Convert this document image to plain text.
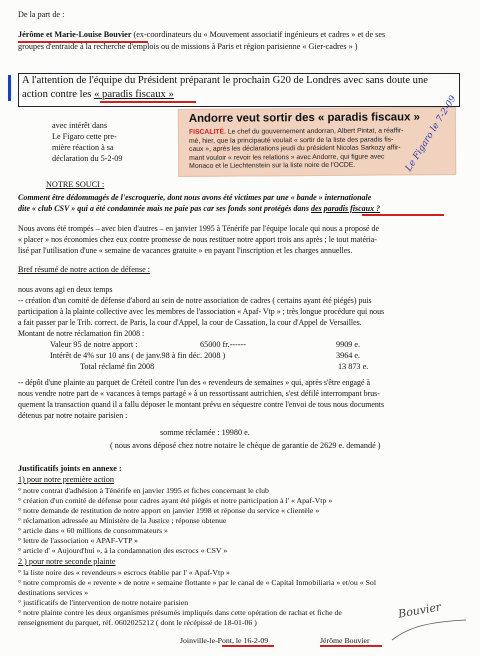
De la part de :
Jérôme et Marie-Louise Bouvier (ex-coordinateurs du « Mouvement associatif ingénieurs et cadres » et de ses
groupes d'entraide à la recherche d'emplois ou de missions à Paris et région parisienne « Gier-cadres » )
A l'attention de l'équipe du Président préparant le prochain G20 de Londres avec sans doute une
action contre les « paradis fiscaux »
avec intérêt dans
Le Figaro cette pre-
mière réaction à sa
déclaration du 5-2-09
Andorre veut sortir des « paradis fiscaux »
FISCALITÉ. Le chef du gouvernement andorran, Albert Pintat, a réaffir-
mé, hier, que la principauté voulait « sortir de la liste des paradis fis-
caux », après les déclarations jeudi du président Nicolas Sarkozy affir-
mant vouloir « revoir les relations » avec Andorre, qui figure avec
Monaco et le Liechtenstein sur la liste noire de l'OCDE.	Le Figaro le 7-2-09
NOTRE SOUCI :
Comment être dédommagés de l'escroquerie, dont nous avons été victimes par une « bande » internationale
dite « club CSV » qui a été condamnée mais ne paie pas car ses fonds sont protégés dans des paradis fiscaux ?
Nous avons été trompés – avec bien d'autres – en janvier 1995 à Ténérife par l'équipe locale qui nous a proposé de
« placer » nos économies chez eux contre promesse de nous restituer notre apport trois ans après ; le tout matéria-
lisé par l'utilisation d'une « semaine de vacances gratuite » en payant l'inscription et les charges annuelles.
Bref résumé de notre action de défense :
nous avons agi en deux temps
-- création d'un comité de défense d'abord au sein de notre association de cadres ( certains ayant été piégés) puis
participation à la plainte collective avec les membres de l'association « Apaf- Vtp » ; très longue procédure qui nous
a fait passer par le Trib. correct. de Paris, la cour d'Appel, la cour de Cassation, la cour d'Appel de Versailles.
Montant de notre réclamation fin 2008 :
Valeur 95 de notre apport :	65000 fr.------	9909 e.
Intérêt de 4% sur 10 ans ( de janv.98 à fin déc. 2008 )	3964 e.
Total réclamé fin 2008	13 873 e.
-- dépôt d'une plainte au parquet de Créteil contre l'un des « revendeurs de semaines » qui, après s'être engagé à
nous vendre notre part de « vacances à temps partagé » à un ressortissant autrichien, s'est défilé interrompant brus-
quement la transaction quand il a fallu déposer le montant prévu en séquestre contre l'envoi de tous nous documents
détenus par notre notaire parisien :
somme réclamée : 19980 e.
( nous avons déposé chez notre notaire le chèque de garantie de 2629 e. demandé )
Justificatifs joints en annexe :
1) pour notre première action
° notre contrat d'adhésion à Ténérife en janvier 1995 et fiches concernant le club
° création d'un comité de défense pour cadres ayant été piégés et notre participation à l' « Apaf-Vtp »
° notre demande de restitution de notre apport en janvier 1998 et réponse du service « clientèle »
° réclamation adressée au Ministère de la Justice ; réponse obtenue
° article dans « 60 millions de consommateurs »
° lettre de l'association « APAF-VTP »
° article d' « Aujourd'hui », à la condamnation des escrocs « CSV »
2 ) pour notre seconde plainte
° la liste noire des « revendeurs » escrocs établie par l' « Apaf-Vtp »
° notre compromis de « revente » de notre « semaine flottante » par le canal de « Capital Inmobiliaria » et/ou « Sol
destinations services »
° justificatifs de l'intervention de notre notaire parisien
° notre plainte contre les deux organismes présumés impliqués dans cette opération de rachat et fiche de
renseignement du parquet, réf. 0602025212 ( dont le récépissé de 18-01-06 )
Joinville-le-Pont, le 16-2-09	Jérôme Bouvier
Bouvier
